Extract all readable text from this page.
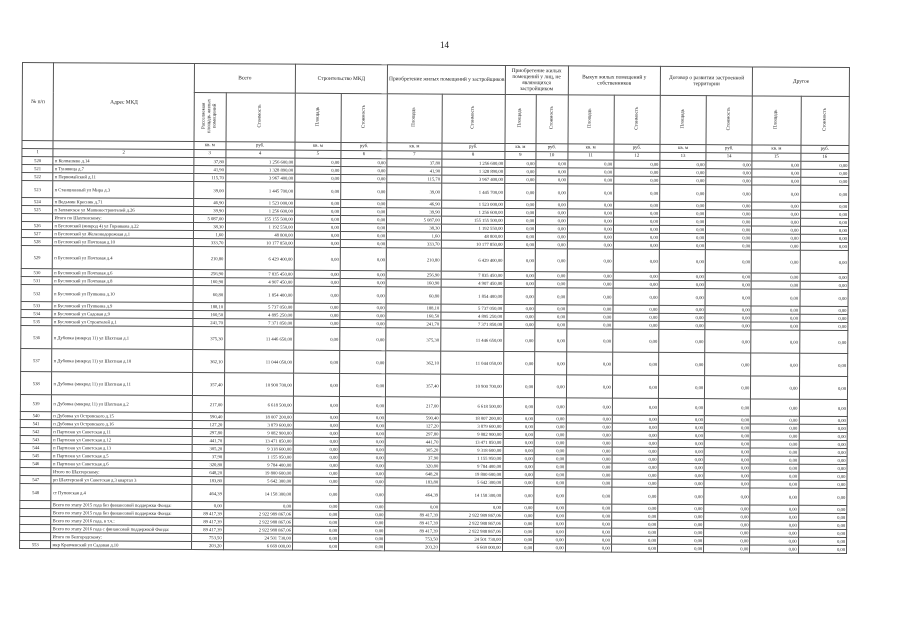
14
№ п/п	Адрес МКД	Всего		Строительство МКД		Приобретение жилых помещений у застройщиков		Приобретение жилых помещений у лиц, не являющихся застройщиком		Выкуп жилых помещений у собственников		Договор о развитии застроенной территории		Другое	
		Расселяемая площадь жилых помещений	Стоимость	Площадь	Стоимость	Площадь	Стоимость	Площадь	Стоимость	Площадь	Стоимость	Площадь	Стоимость	Площадь	Стоимость
		кв. м	руб.	кв. м	руб.	кв. м	руб.	кв. м	руб.	кв. м	руб.	кв. м	руб.	кв. м	руб.
1	2	3	4	5	6	7	8	9	10	11	12	13	14	15	16
520	п Колпашево д.14	37,80	1 256 600,00	0,00	0,00	37,80	1 256 600,00	0,00	0,00	0,00	0,00	0,00	0,00	0,00	0,00
521	п Тунявица д.7	41,90	1 328 890,00	0,00	0,00	41,90	1 328 890,00	0,00	0,00	0,00	0,00	0,00	0,00	0,00	0,00
522	п Первомайский д.11	115,70	3 967 400,00	0,00	0,00	115,70	3 967 400,00	0,00	0,00	0,00	0,00	0,00	0,00	0,00	0,00
523	п Станционный ул Мира д.3	39,00	1 445 700,00	0,00	0,00	39,00	1 445 700,00	0,00	0,00	0,00	0,00	0,00	0,00	0,00	0,00
524	п Ведьмин Кресник д.71	46,90	1 523 000,00	0,00	0,00	46,90	1 523 000,00	0,00	0,00	0,00	0,00	0,00	0,00	0,00	0,00
525	п Заплавское ул Машиностроителей д.26	39,90	1 256 600,00	0,00	0,00	39,90	1 256 600,00	0,00	0,00	0,00	0,00	0,00	0,00	0,00	0,00
	Итого по Шахтинскому:	5 087,00	155 155 500,00	0,00	0,00	5 087,00	155 155 500,00	0,00	0,00	0,00	0,00	0,00	0,00	0,00	0,00
526	п Бусловский (микрод 4) ул Горнякова д.22	38,30	1 192 550,00	0,00	0,00	38,30	1 192 550,00	0,00	0,00	0,00	0,00	0,00	0,00	0,00	0,00
527	п Бусловский ул Железнодорожная д.1	1,60	48 800,00	0,00	0,00	1,60	48 800,00	0,00	0,00	0,00	0,00	0,00	0,00	0,00	0,00
528	п Бусловский ул Почтовая д.10	333,70	10 177 850,00	0,00	0,00	333,70	10 177 850,00	0,00	0,00	0,00	0,00	0,00	0,00	0,00	0,00
529	п Бусловский ул Почтовая д.4	210,80	6 429 400,00	0,00	0,00	210,80	6 429 400,00	0,00	0,00	0,00	0,00	0,00	0,00	0,00	0,00
530	п Бусловский ул Почтовая д.6	256,90	7 835 450,00	0,00	0,00	256,90	7 835 450,00	0,00	0,00	0,00	0,00	0,00	0,00	0,00	0,00
531	п Бусловский ул Почтовая д.8	160,90	4 907 450,00	0,00	0,00	160,90	4 907 450,00	0,00	0,00	0,00	0,00	0,00	0,00	0,00	0,00
532	п Бусловский ул Пушкина д.10	60,80	1 854 400,00	0,00	0,00	60,80	1 854 400,00	0,00	0,00	0,00	0,00	0,00	0,00	0,00	0,00
533	п Бусловский ул Пушкина д.9	188,10	5 737 050,00	0,00	0,00	188,10	5 737 050,00	0,00	0,00	0,00	0,00	0,00	0,00	0,00	0,00
534	п Бусловский ул Садовая д.9	160,50	4 895 250,00	0,00	0,00	160,50	4 895 250,00	0,00	0,00	0,00	0,00	0,00	0,00	0,00	0,00
535	п Бусловский ул Строителей д.1	241,70	7 371 850,00	0,00	0,00	241,70	7 371 850,00	0,00	0,00	0,00	0,00	0,00	0,00	0,00	0,00
536	п Дубовка (микрод 11) ул Шахтная д.1	375,30	11 446 650,00	0,00	0,00	375,30	11 446 650,00	0,00	0,00	0,00	0,00	0,00	0,00	0,00	0,00
537	п Дубовка (микрод 11) ул Шахтная д.10	362,10	11 044 050,00	0,00	0,00	362,10	11 044 050,00	0,00	0,00	0,00	0,00	0,00	0,00	0,00	0,00
538	п Дубовка (микрод 11) ул Шахтная д.11	357,40	10 900 700,00	0,00	0,00	357,40	10 900 700,00	0,00	0,00	0,00	0,00	0,00	0,00	0,00	0,00
539	п Дубовка (микрод 11) ул Шахтная д.2	217,00	6 618 500,00	0,00	0,00	217,00	6 618 500,00	0,00	0,00	0,00	0,00	0,00	0,00	0,00	0,00
540	п Дубовка ул Островского д.15	590,40	18 007 200,00	0,00	0,00	590,40	18 007 200,00	0,00	0,00	0,00	0,00	0,00	0,00	0,00	0,00
541	п Дубовка ул Островского д.16	127,20	3 879 600,00	0,00	0,00	127,20	3 879 600,00	0,00	0,00	0,00	0,00	0,00	0,00	0,00	0,00
542	п Партизан ул Советская д.11	297,80	9 082 900,00	0,00	0,00	297,80	9 082 900,00	0,00	0,00	0,00	0,00	0,00	0,00	0,00	0,00
543	п Партизан ул Советская д.12	441,70	13 471 850,00	0,00	0,00	441,70	13 471 850,00	0,00	0,00	0,00	0,00	0,00	0,00	0,00	0,00
544	п Партизан ул Советская д.13	305,20	9 318 600,00	0,00	0,00	305,20	9 318 600,00	0,00	0,00	0,00	0,00	0,00	0,00	0,00	0,00
545	п Партизан ул Советская д.5	37,90	1 155 950,00	0,00	0,00	37,90	1 155 950,00	0,00	0,00	0,00	0,00	0,00	0,00	0,00	0,00
546	п Партизан ул Советская д.6	320,80	9 784 400,00	0,00	0,00	320,80	9 784 400,00	0,00	0,00	0,00	0,00	0,00	0,00	0,00	0,00
	Итого по Шахтерскому:	648,20	19 800 600,00	0,00	0,00	648,20	19 800 600,00	0,00	0,00	0,00	0,00	0,00	0,00	0,00	0,00
547	рп Шахтерский ул Советская д.3 квартал 3	183,80	5 642 300,00	0,00	0,00	183,80	5 642 300,00	0,00	0,00	0,00	0,00	0,00	0,00	0,00	0,00
548	ст Пуповская д.4	464,39	14 158 300,00	0,00	0,00	464,39	14 158 300,00	0,00	0,00	0,00	0,00	0,00	0,00	0,00	0,00
	Всего по этапу 2015 года без финансовой поддержки Фонда:	0,00	0,00	0,00	0,00	0,00	0,00	0,00	0,00	0,00	0,00	0,00	0,00	0,00	0,00
	Всего по этапу 2015 года без финансовой поддержки Фонда:	89 417,39	2 922 989 867,06	0,00	0,00	89 417,39	2 922 989 867,06	0,00	0,00	0,00	0,00	0,00	0,00	0,00	0,00
	Всего по этапу 2016 года, в т.ч.:	89 417,39	2 922 988 867,06	0,00	0,00	89 417,39	2 922 988 867,06	0,00	0,00	0,00	0,00	0,00	0,00	0,00	0,00
	Всего по этапу 2016 года с финансовой поддержкой Фонда:	89 417,39	2 922 988 867,06	0,00	0,00	89 417,39	2 922 988 867,06	0,00	0,00	0,00	0,00	0,00	0,00	0,00	0,00
	Итого по Белгородскому:	753,50	24 501 730,00	0,00	0,00	753,50	24 501 730,00	0,00	0,00	0,00	0,00	0,00	0,00	0,00	0,00
553	мкр Кравченский ул Садовая д.10	203,20	6 669 000,00	0,00	0,00	203,20	6 669 000,00	0,00	0,00	0,00	0,00	0,00	0,00	0,00	0,00
